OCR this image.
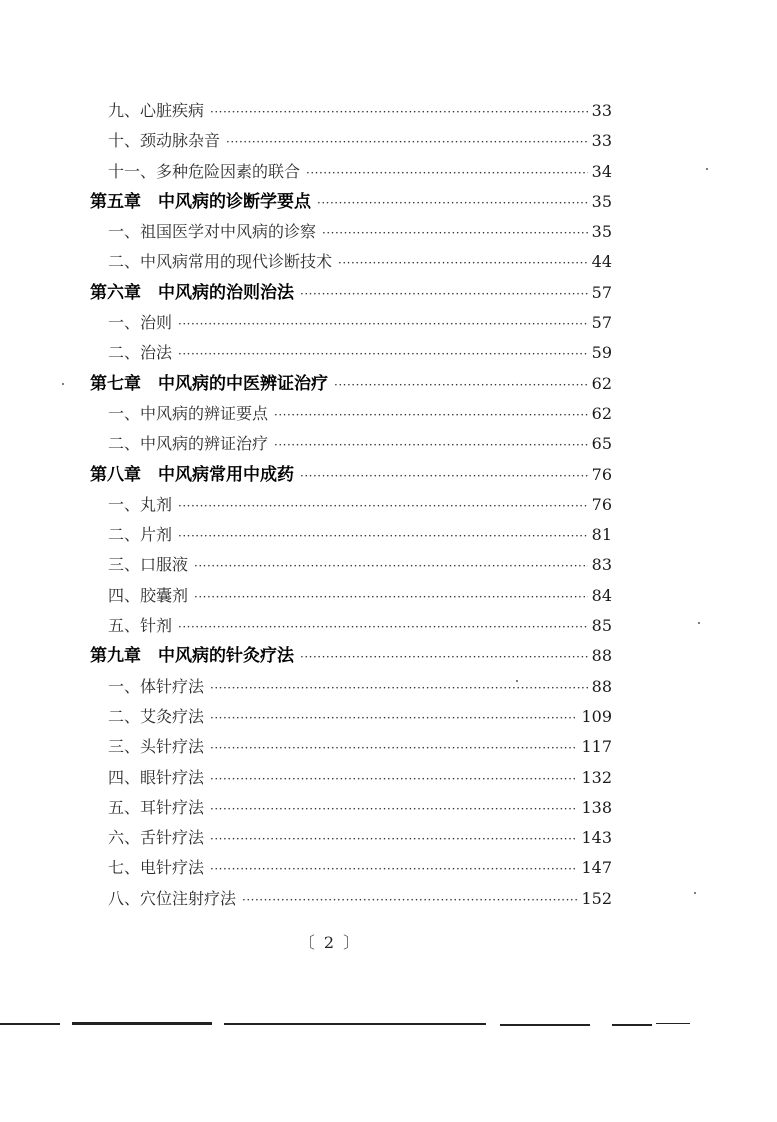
九、心脏疾病 ·····	33
十、颈动脉杂音 ·····	33
十一、多种危险因素的联合 ·····	34
第五章　中风病的诊断学要点 ·····	35
一、祖国医学对中风病的诊察 ·····	35
二、中风病常用的现代诊断技术 ·····	44
第六章　中风病的治则治法 ·····	57
一、治则 ·····	57
二、治法 ·····	59
第七章　中风病的中医辨证治疗 ·····	62
一、中风病的辨证要点 ·····	62
二、中风病的辨证治疗 ·····	65
第八章　中风病常用中成药 ·····	76
一、丸剂 ·····	76
二、片剂 ·····	81
三、口服液 ·····	83
四、胶囊剂 ·····	84
五、针剂 ·····	85
第九章　中风病的针灸疗法 ·····	88
一、体针疗法 ·····	88
二、艾灸疗法 ·····	109
三、头针疗法 ·····	117
四、眼针疗法 ·····	132
五、耳针疗法 ·····	138
六、舌针疗法 ·····	143
七、电针疗法 ·····	147
八、穴位注射疗法 ·····	152
〔 2 〕
